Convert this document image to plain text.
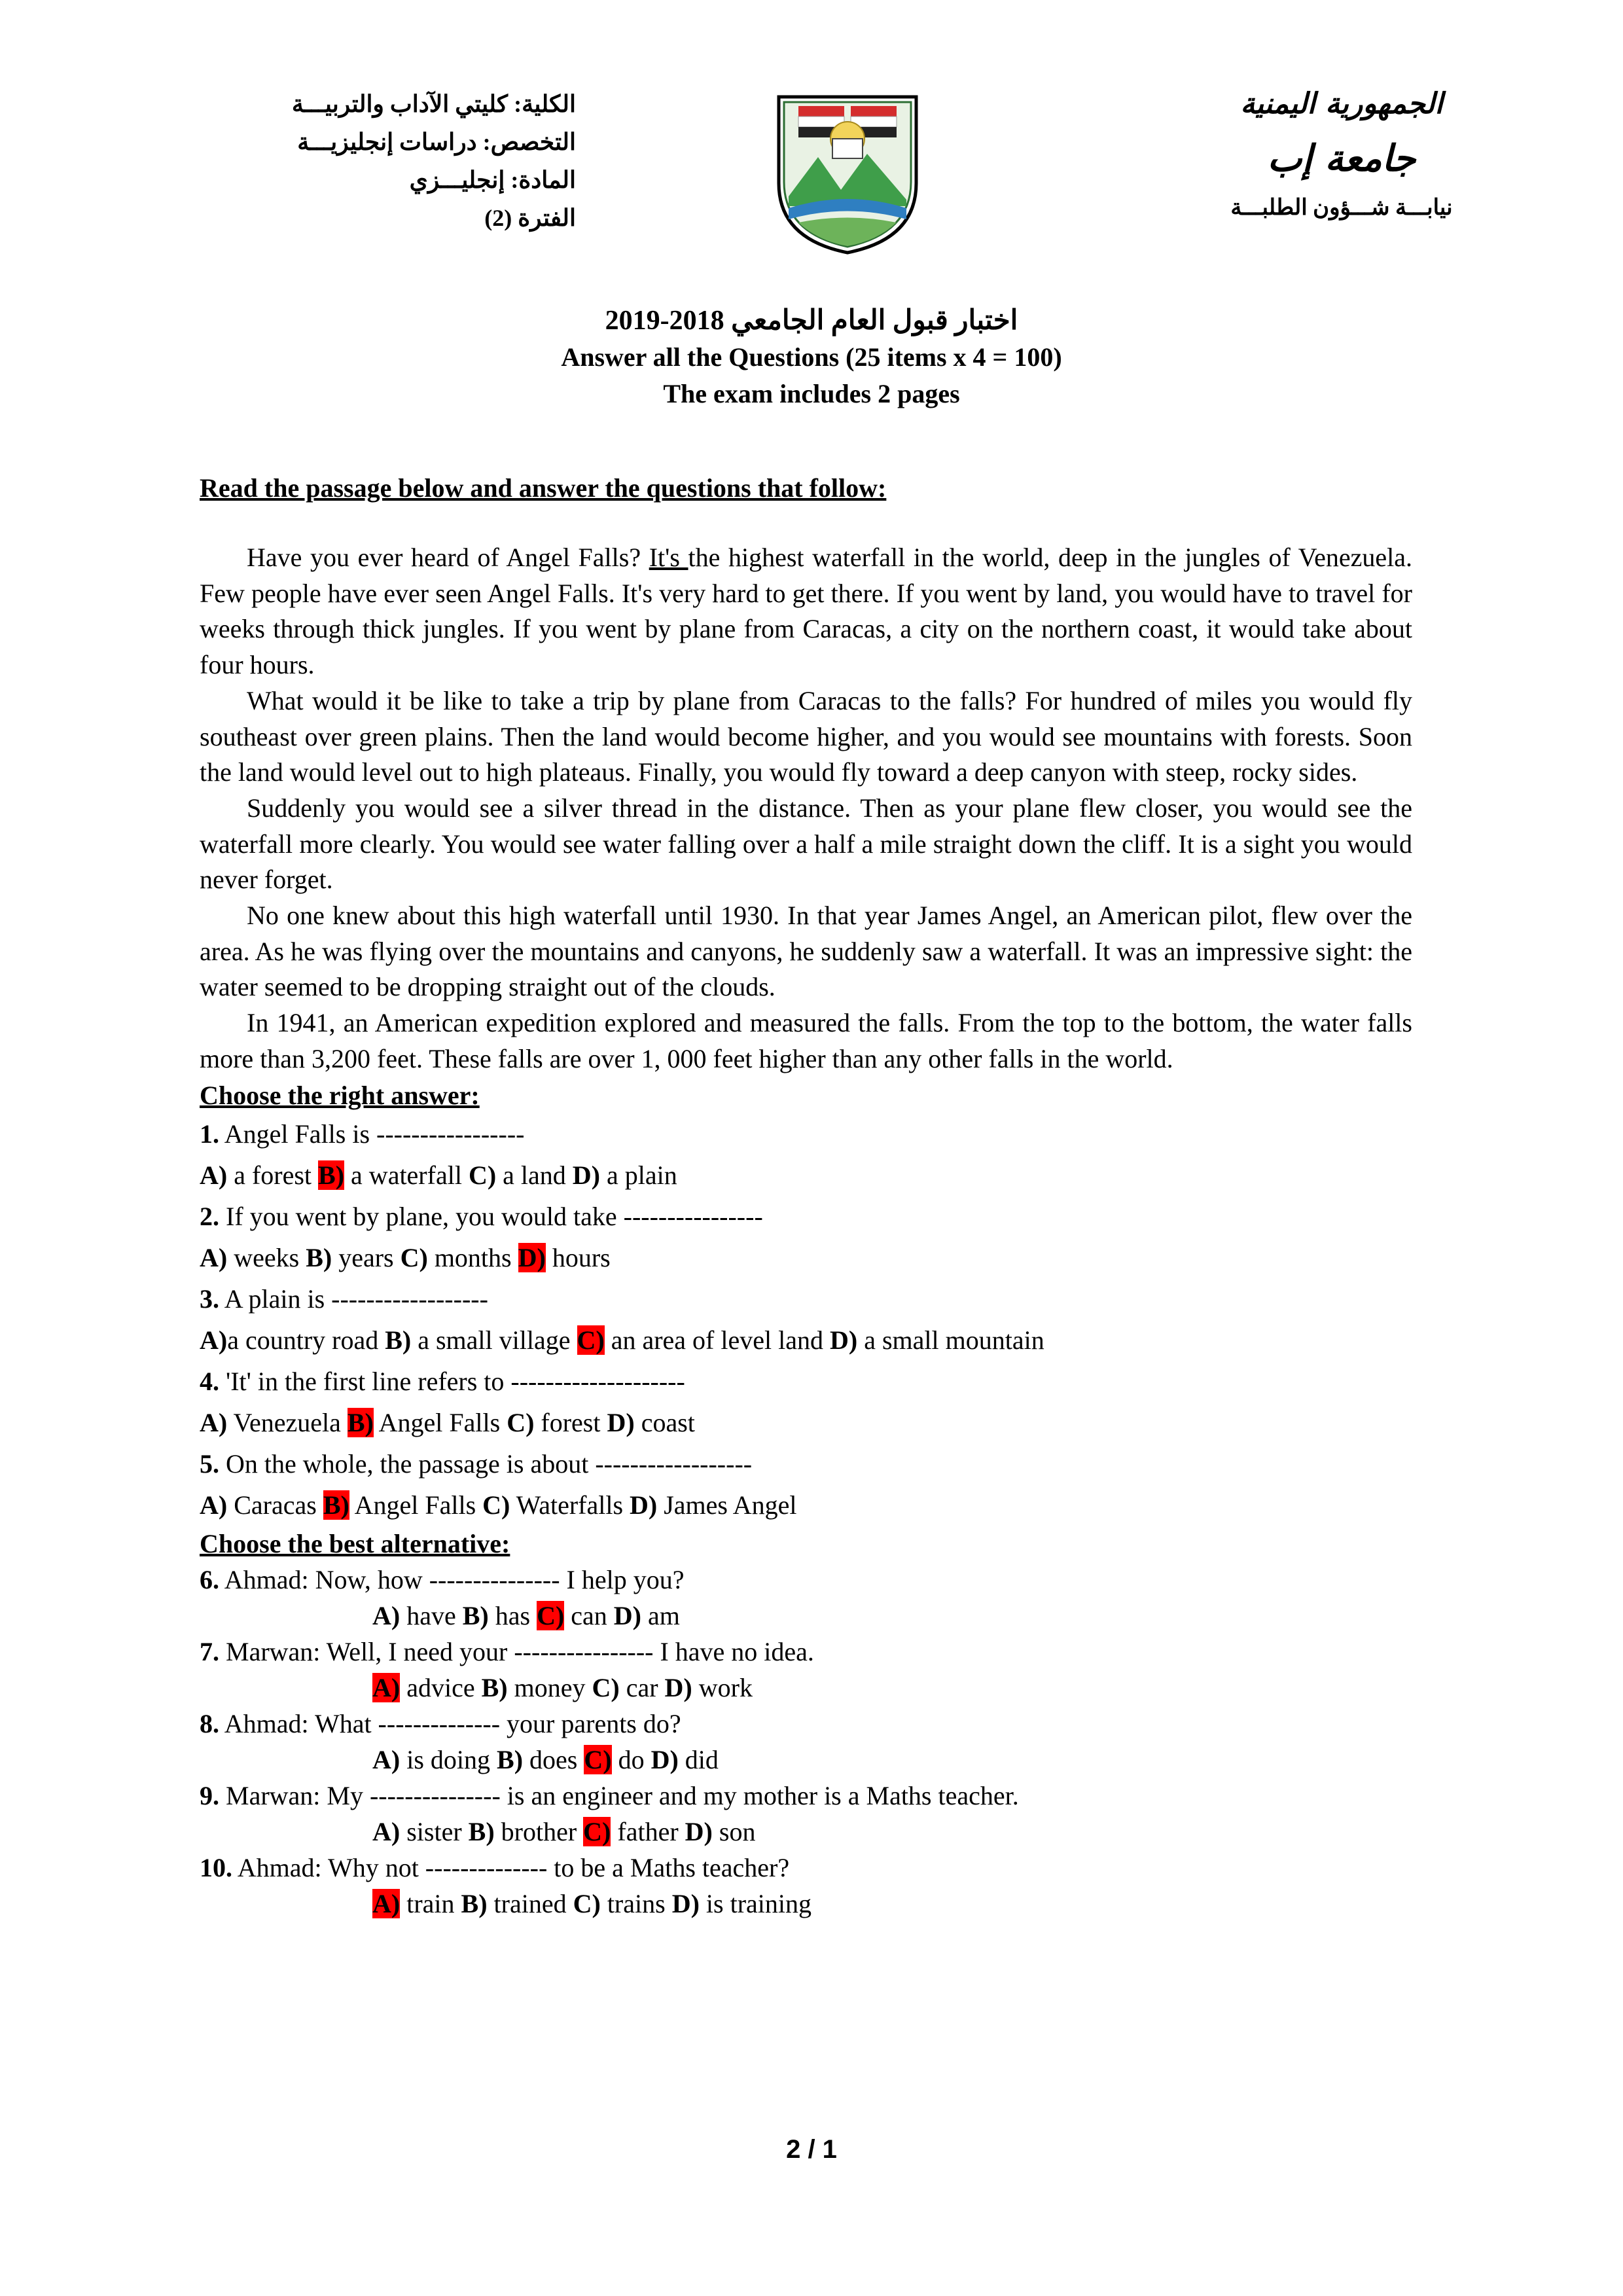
الكلية: كليتي الآداب والتربيـــة
التخصص: دراسات إنجليزيـــة
المادة: إنجليـــزي
الفترة (2)
الجمهورية اليمنية
جامعة إب
نيابـــة شـــؤون الطلبـــة
اختبار قبول العام الجامعي 2018-2019
Answer all the Questions (25 items x 4 = 100)
The exam includes 2 pages
Read the passage below and answer the questions that follow:

Have you ever heard of Angel Falls? It's the highest waterfall in the world, deep in the jungles of Venezuela. Few people have ever seen Angel Falls. It's very hard to get there. If you went by land, you would have to travel for weeks through thick jungles. If you went by plane from Caracas, a city on the northern coast, it would take about four hours.

What would it be like to take a trip by plane from Caracas to the falls? For hundred of miles you would fly southeast over green plains. Then the land would become higher, and you would see mountains with forests. Soon the land would level out to high plateaus. Finally, you would fly toward a deep canyon with steep, rocky sides.

Suddenly you would see a silver thread in the distance. Then as your plane flew closer, you would see the waterfall more clearly. You would see water falling over a half a mile straight down the cliff. It is a sight you would never forget.

No one knew about this high waterfall until 1930. In that year James Angel, an American pilot, flew over the area. As he was flying over the mountains and canyons, he suddenly saw a waterfall. It was an impressive sight: the water seemed to be dropping straight out of the clouds.

In 1941, an American expedition explored and measured the falls. From the top to the bottom, the water falls more than 3,200 feet. These falls are over 1, 000 feet higher than any other falls in the world.

Choose the right answer:
1. Angel Falls is -----------------
A) a forest B) a waterfall C) a land D) a plain
2. If you went by plane, you would take ----------------
A) weeks B) years C) months D) hours
3. A plain is ------------------
A)a country road B) a small village C) an area of level land D) a small mountain
4. 'It' in the first line refers to --------------------
A) Venezuela B) Angel Falls C) forest D) coast
5. On the whole, the passage is about ------------------
A) Caracas B) Angel Falls C) Waterfalls D) James Angel
Choose the best alternative:
6. Ahmad: Now, how --------------- I help you?
A) have B) has C) can D) am
7. Marwan: Well, I need your ---------------- I have no idea.
A) advice B) money C) car D) work
8. Ahmad: What -------------- your parents do?
A) is doing B) does C) do D) did
9. Marwan: My --------------- is an engineer and my mother is a Maths teacher.
A) sister B) brother C) father D) son
10. Ahmad: Why not -------------- to be a Maths teacher?
A) train B) trained C) trains D) is training
2 / 1
